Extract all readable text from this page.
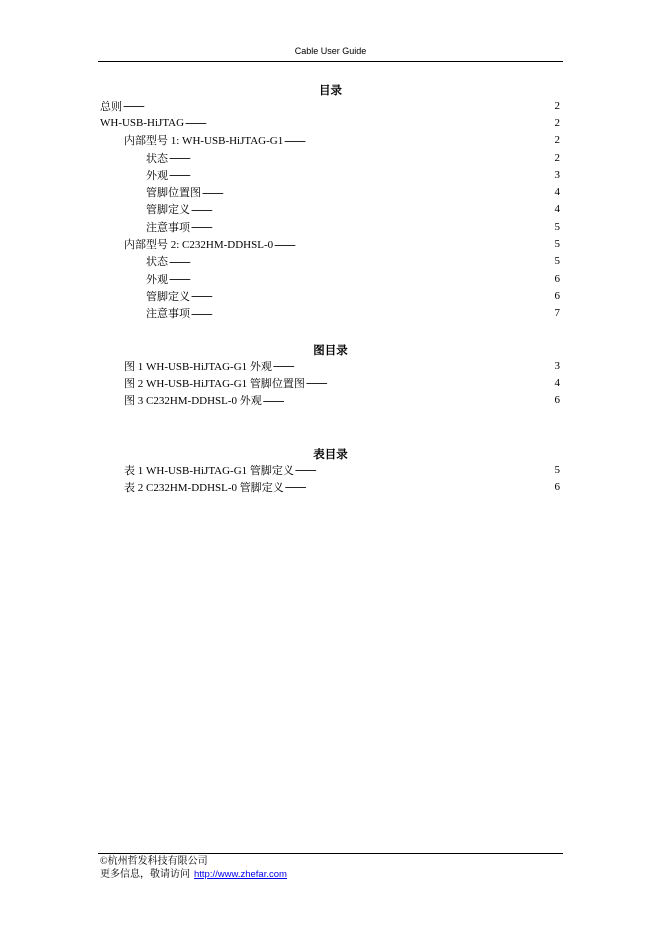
Cable User Guide
目录
总则 . . .	2
WH-USB-HiJTAG . . .	2
内部型号 1: WH-USB-HiJTAG-G1 . . .	2
状态 . . .	2
外观 . . .	3
管脚位置图 . . .	4
管脚定义 . . .	4
注意事项 . . .	5
内部型号 2: C232HM-DDHSL-0 . . .	5
状态 . . .	5
外观 . . .	6
管脚定义 . . .	6
注意事项 . . .	7
图目录
图 1 WH-USB-HiJTAG-G1 外观 . . .	3
图 2 WH-USB-HiJTAG-G1 管脚位置图 . . .	4
图 3 C232HM-DDHSL-0 外观 . . .	6
表目录
表 1 WH-USB-HiJTAG-G1 管脚定义 . . .	5
表 2 C232HM-DDHSL-0 管脚定义 . . .	6
©杭州哲发科技有限公司
更多信息，敬请访问 http://www.zhefar.com
